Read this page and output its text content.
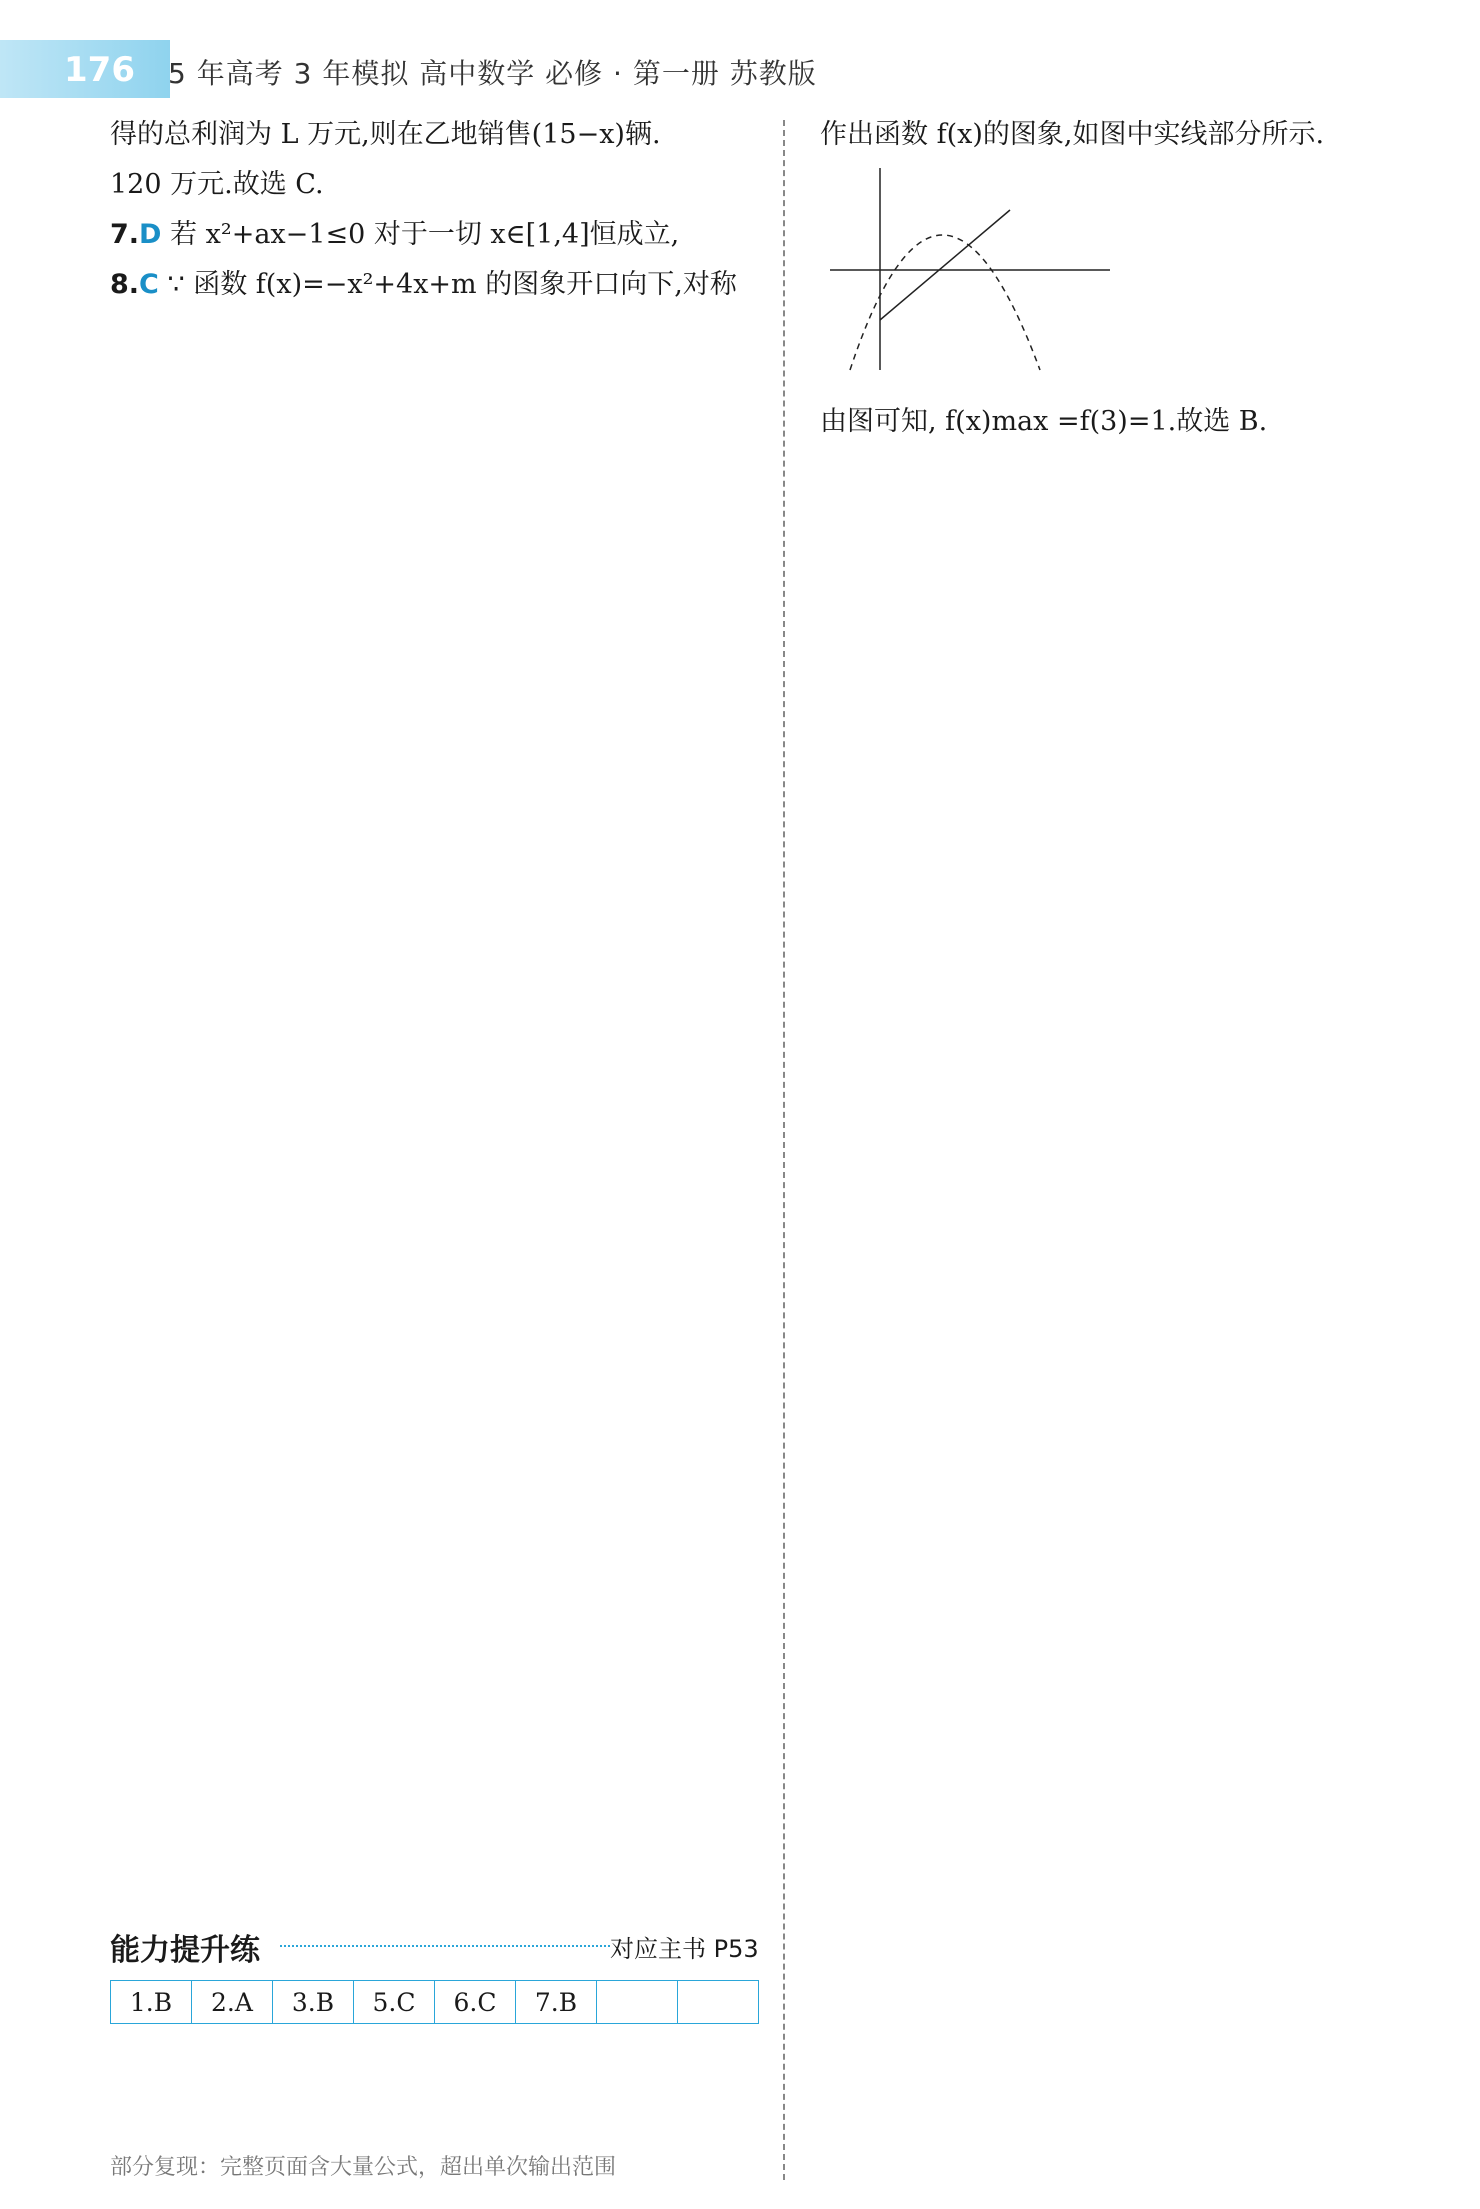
176 5 年高考 3 年模拟 高中数学 必修 · 第一册 苏教版

得的总利润为 L 万元,则在乙地销售(15−x)辆.

120 万元.故选 C.

7.D 若 x²+ax−1≤0 对于一切 x∈[1,4]恒成立,

8.C ∵ 函数 f(x)=−x²+4x+m 的图象开口向下,对称

作出函数 f(x)的图象,如图中实线部分所示.

由图可知, f(x)max =f(3)=1.故选 B.

能力提升练	对应主书 P53
1.B	2.A	3.B	5.C	6.C	7.B		
部分复现：完整页面含大量公式，超出单次输出范围
